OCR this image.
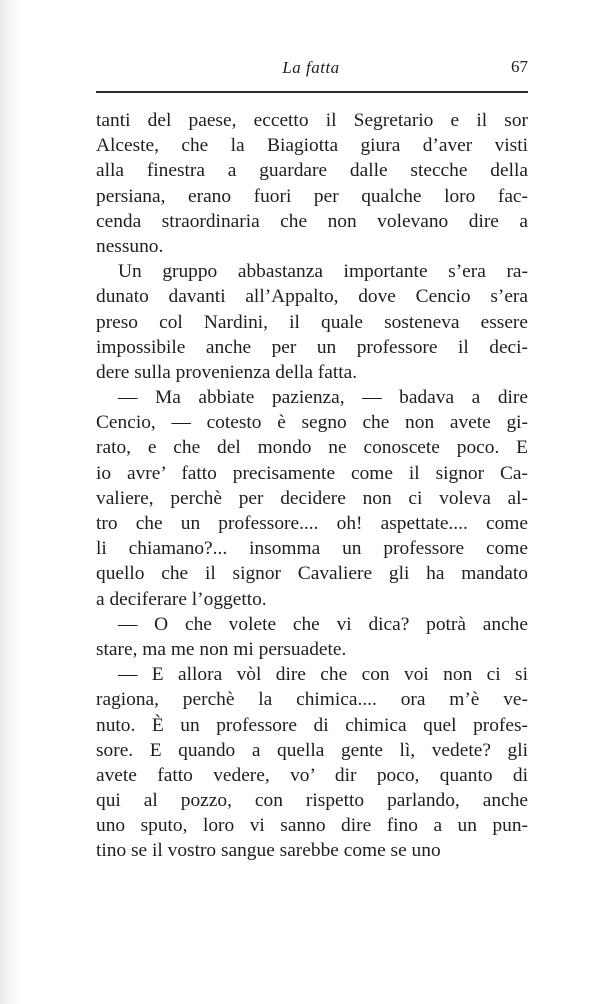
La fatta	67
tanti del paese, eccetto il Segretario e il sor
Alceste, che la Biagiotta giura d’aver visti
alla finestra a guardare dalle stecche della
persiana, erano fuori per qualche loro fac-
cenda straordinaria che non volevano dire a
nessuno.
Un gruppo abbastanza importante s’era ra-
dunato davanti all’Appalto, dove Cencio s’era
preso col Nardini, il quale sosteneva essere
impossibile anche per un professore il deci-
dere sulla provenienza della fatta.
— Ma abbiate pazienza, — badava a dire
Cencio, — cotesto è segno che non avete gi-
rato, e che del mondo ne conoscete poco. E
io avre’ fatto precisamente come il signor Ca-
valiere, perchè per decidere non ci voleva al-
tro che un professore.... oh! aspettate.... come
li chiamano?... insomma un professore come
quello che il signor Cavaliere gli ha mandato
a deciferare l’oggetto.
— O che volete che vi dica? potrà anche
stare, ma me non mi persuadete.
— E allora vòl dire che con voi non ci si
ragiona, perchè la chimica.... ora m’è ve-
nuto. È un professore di chimica quel profes-
sore. E quando a quella gente lì, vedete? gli
avete fatto vedere, vo’ dir poco, quanto di
qui al pozzo, con rispetto parlando, anche
uno sputo, loro vi sanno dire fino a un pun-
tino se il vostro sangue sarebbe come se uno
